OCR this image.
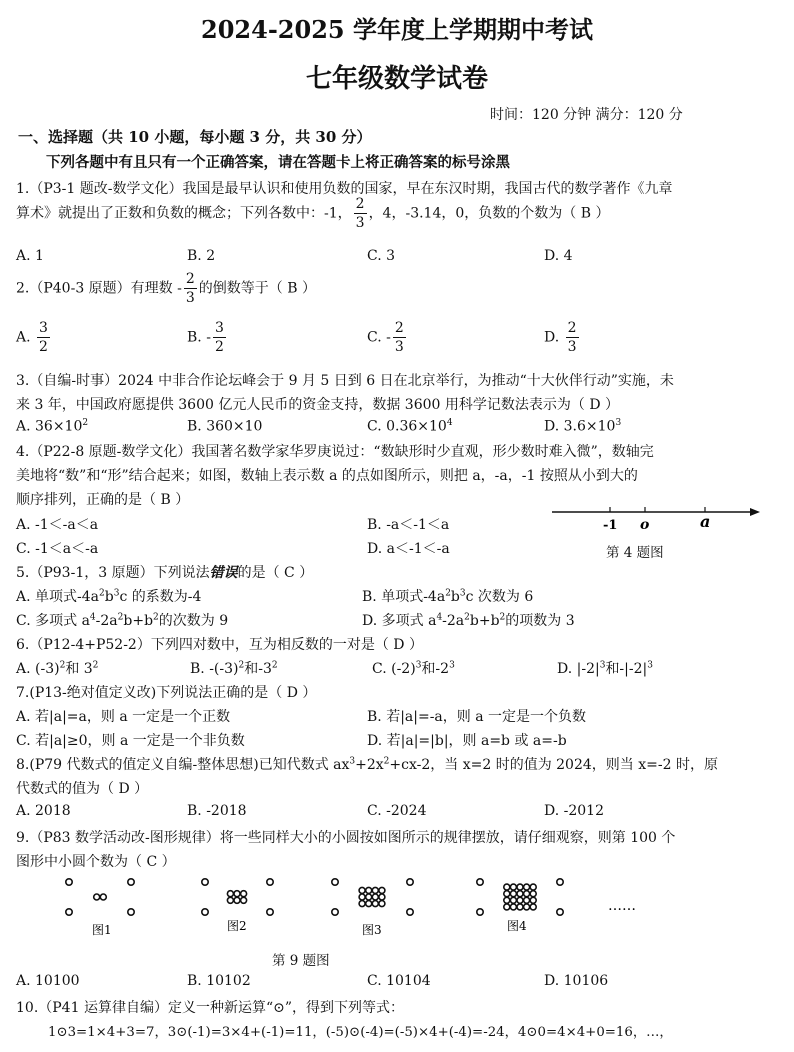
2024-2025 学年度上学期期中考试
七年级数学试卷
时间：120 分钟 满分：120 分
一、选择题（共 10 小题，每小题 3 分，共 30 分）
下列各题中有且只有一个正确答案，请在答题卡上将正确答案的标号涂黑
1.（P3-1 题改-数学文化）我国是最早认识和使用负数的国家，早在东汉时期，我国古代的数学著作《九章
算术》就提出了正数和负数的概念；下列各数中：-1， $\frac{2}{3}$ ，4，-3.14，0，负数的个数为（ B ）
A. 1	B. 2	C. 3	D. 4
2.（P40-3 原题）有理数 - $\frac{2}{3}$ 的倒数等于（ B ）
A. $\frac{3}{2}$	B. - $\frac{3}{2}$	C. - $\frac{2}{3}$	D. $\frac{2}{3}$
3.（自编-时事）2024 中非合作论坛峰会于 9 月 5 日到 6 日在北京举行，为推动“十大伙伴行动”实施，未
来 3 年，中国政府愿提供 3600 亿元人民币的资金支持，数据 3600 用科学记数法表示为（ D ）
A. $36\times 10^2$	B. 360×10	C. $0.36\times 10^4$	D. $3.6\times 10^3$
4.（P22-8 原题-数学文化）我国著名数学家华罗庚说过：“数缺形时少直观，形少数时难入微”，数轴完
美地将“数”和“形”结合起来；如图，数轴上表示数 a 的点如图所示，则把 a，-a，-1 按照从小到大的
顺序排列，正确的是（ B ）
A. -1＜-a＜a	B. -a＜-1＜a
C. -1＜a＜-a	D. a＜-1＜-a
-1 o	a
第 4 题图
5.（P93-1，3 原题）下列说法错误的是（ C ）
A. 单项式$-4a^2b^3c$ 的系数为-4	B. 单项式$-4a^2b^3c$ 次数为 6
C. 多项式 $a^4-2a^2b+b^2$的次数为 9	D. 多项式 $a^4-2a^2b+b^2$的项数为 3
6.（P12-4+P52-2）下列四对数中，互为相反数的一对是（ D ）
A. $(-3)^2$和 $3^2$	B. $-(-3)^2$和$-3^2$	C. $(-2)^3$和$-2^3$	D. $|-2|^3$和$-|-2|^3$
7.(P13-绝对值定义改)下列说法正确的是（ D ）
A. 若|a|=a，则 a 一定是一个正数	B. 若|a|=-a，则 a 一定是一个负数
C. 若|a|≥0，则 a 一定是一个非负数	D. 若|a|=|b|，则 a=b 或 a=-b
8.(P79 代数式的值定义自编-整体思想)已知代数式 $ax^3+2x^2+cx-2$，当 x=2 时的值为 2024，则当 x=-2 时，原
代数式的值为（ D ）
A. 2018	B. -2018	C. -2024	D. -2012
9.（P83 数学活动改-图形规律）将一些同样大小的小圆按如图所示的规律摆放，请仔细观察，则第 100 个
图形中小圆个数为（ C ）
图1	图2	图3	图4
……
第 9 题图
A. 10100	B. 10102	C. 10104	D. 10106
10.（P41 运算律自编）定义一种新运算“⊙”，得到下列等式：
1⊙3=1×4+3=7，3⊙(-1)=3×4+(-1)=11，(-5)⊙(-4)=(-5)×4+(-4)=-24，4⊙0=4×4+0=16，…，
